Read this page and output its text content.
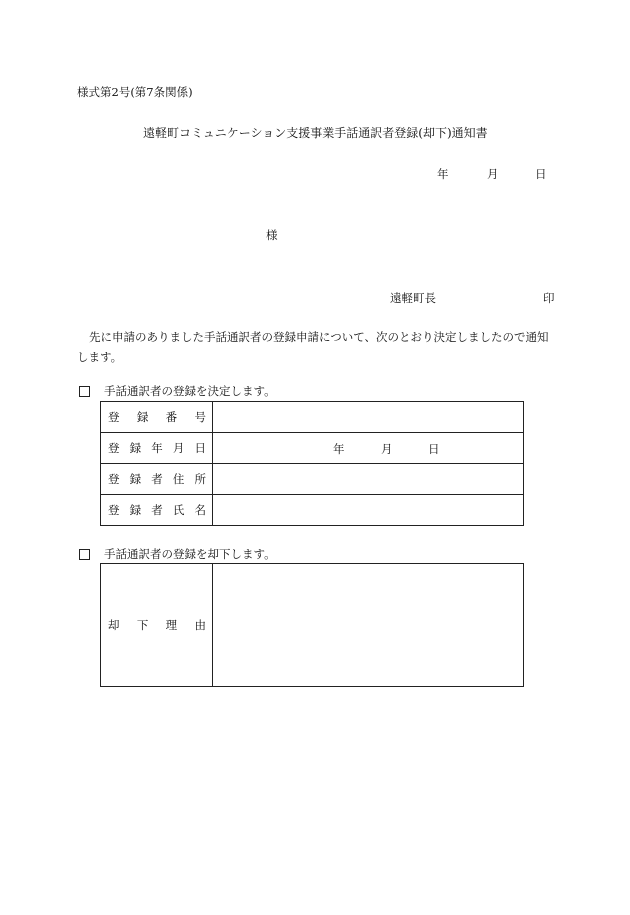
様式第2号(第7条関係)
遠軽町コミュニケーション支援事業手話通訳者登録(却下)通知書
年	月	日
様
遠軽町長	印
先に申請のありました手話通訳者の登録申請について、次のとおり決定しましたので通知します。
手話通訳者の登録を決定します。
登 録 番 号	

登 録 年 月 日	年 月 日

登 録 者 住 所	

登 録 者 氏 名	

手話通訳者の登録を却下します。
却 下 理 由
